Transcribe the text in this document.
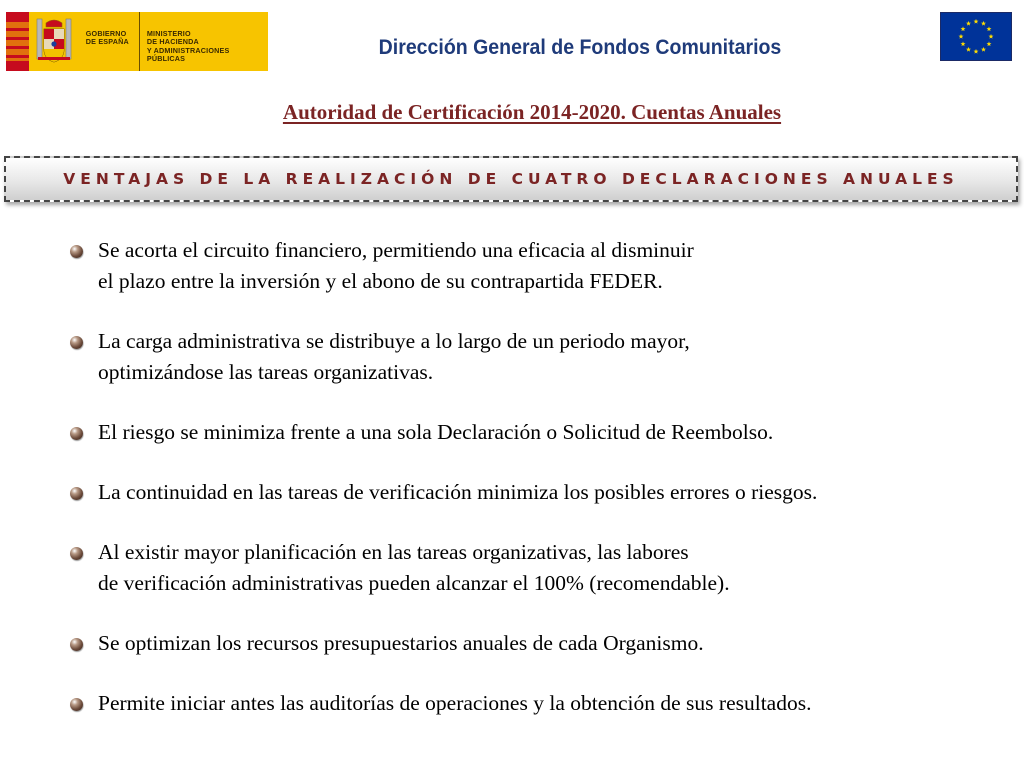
GOBIERNO
DE ESPAÑA
MINISTERIO
DE HACIENDA
Y ADMINISTRACIONES PÚBLICAS	Dirección General de Fondos Comunitarios
Autoridad de Certificación 2014-2020. Cuentas Anuales
VENTAJAS DE LA REALIZACIÓN DE CUATRO DECLARACIONES ANUALES
Se acorta el circuito financiero, permitiendo una eficacia al disminuir
el plazo entre la inversión y el abono de su contrapartida FEDER.
La carga administrativa se distribuye a lo largo de un periodo mayor,
optimizándose las tareas organizativas.
El riesgo se minimiza frente a una sola Declaración o Solicitud de Reembolso.
La continuidad en las tareas de verificación minimiza los posibles errores o riesgos.
Al existir mayor planificación en las tareas organizativas, las labores
de verificación administrativas pueden alcanzar el 100% (recomendable).
Se optimizan los recursos presupuestarios anuales de cada Organismo.
Permite iniciar antes las auditorías de operaciones y la obtención de sus resultados.
